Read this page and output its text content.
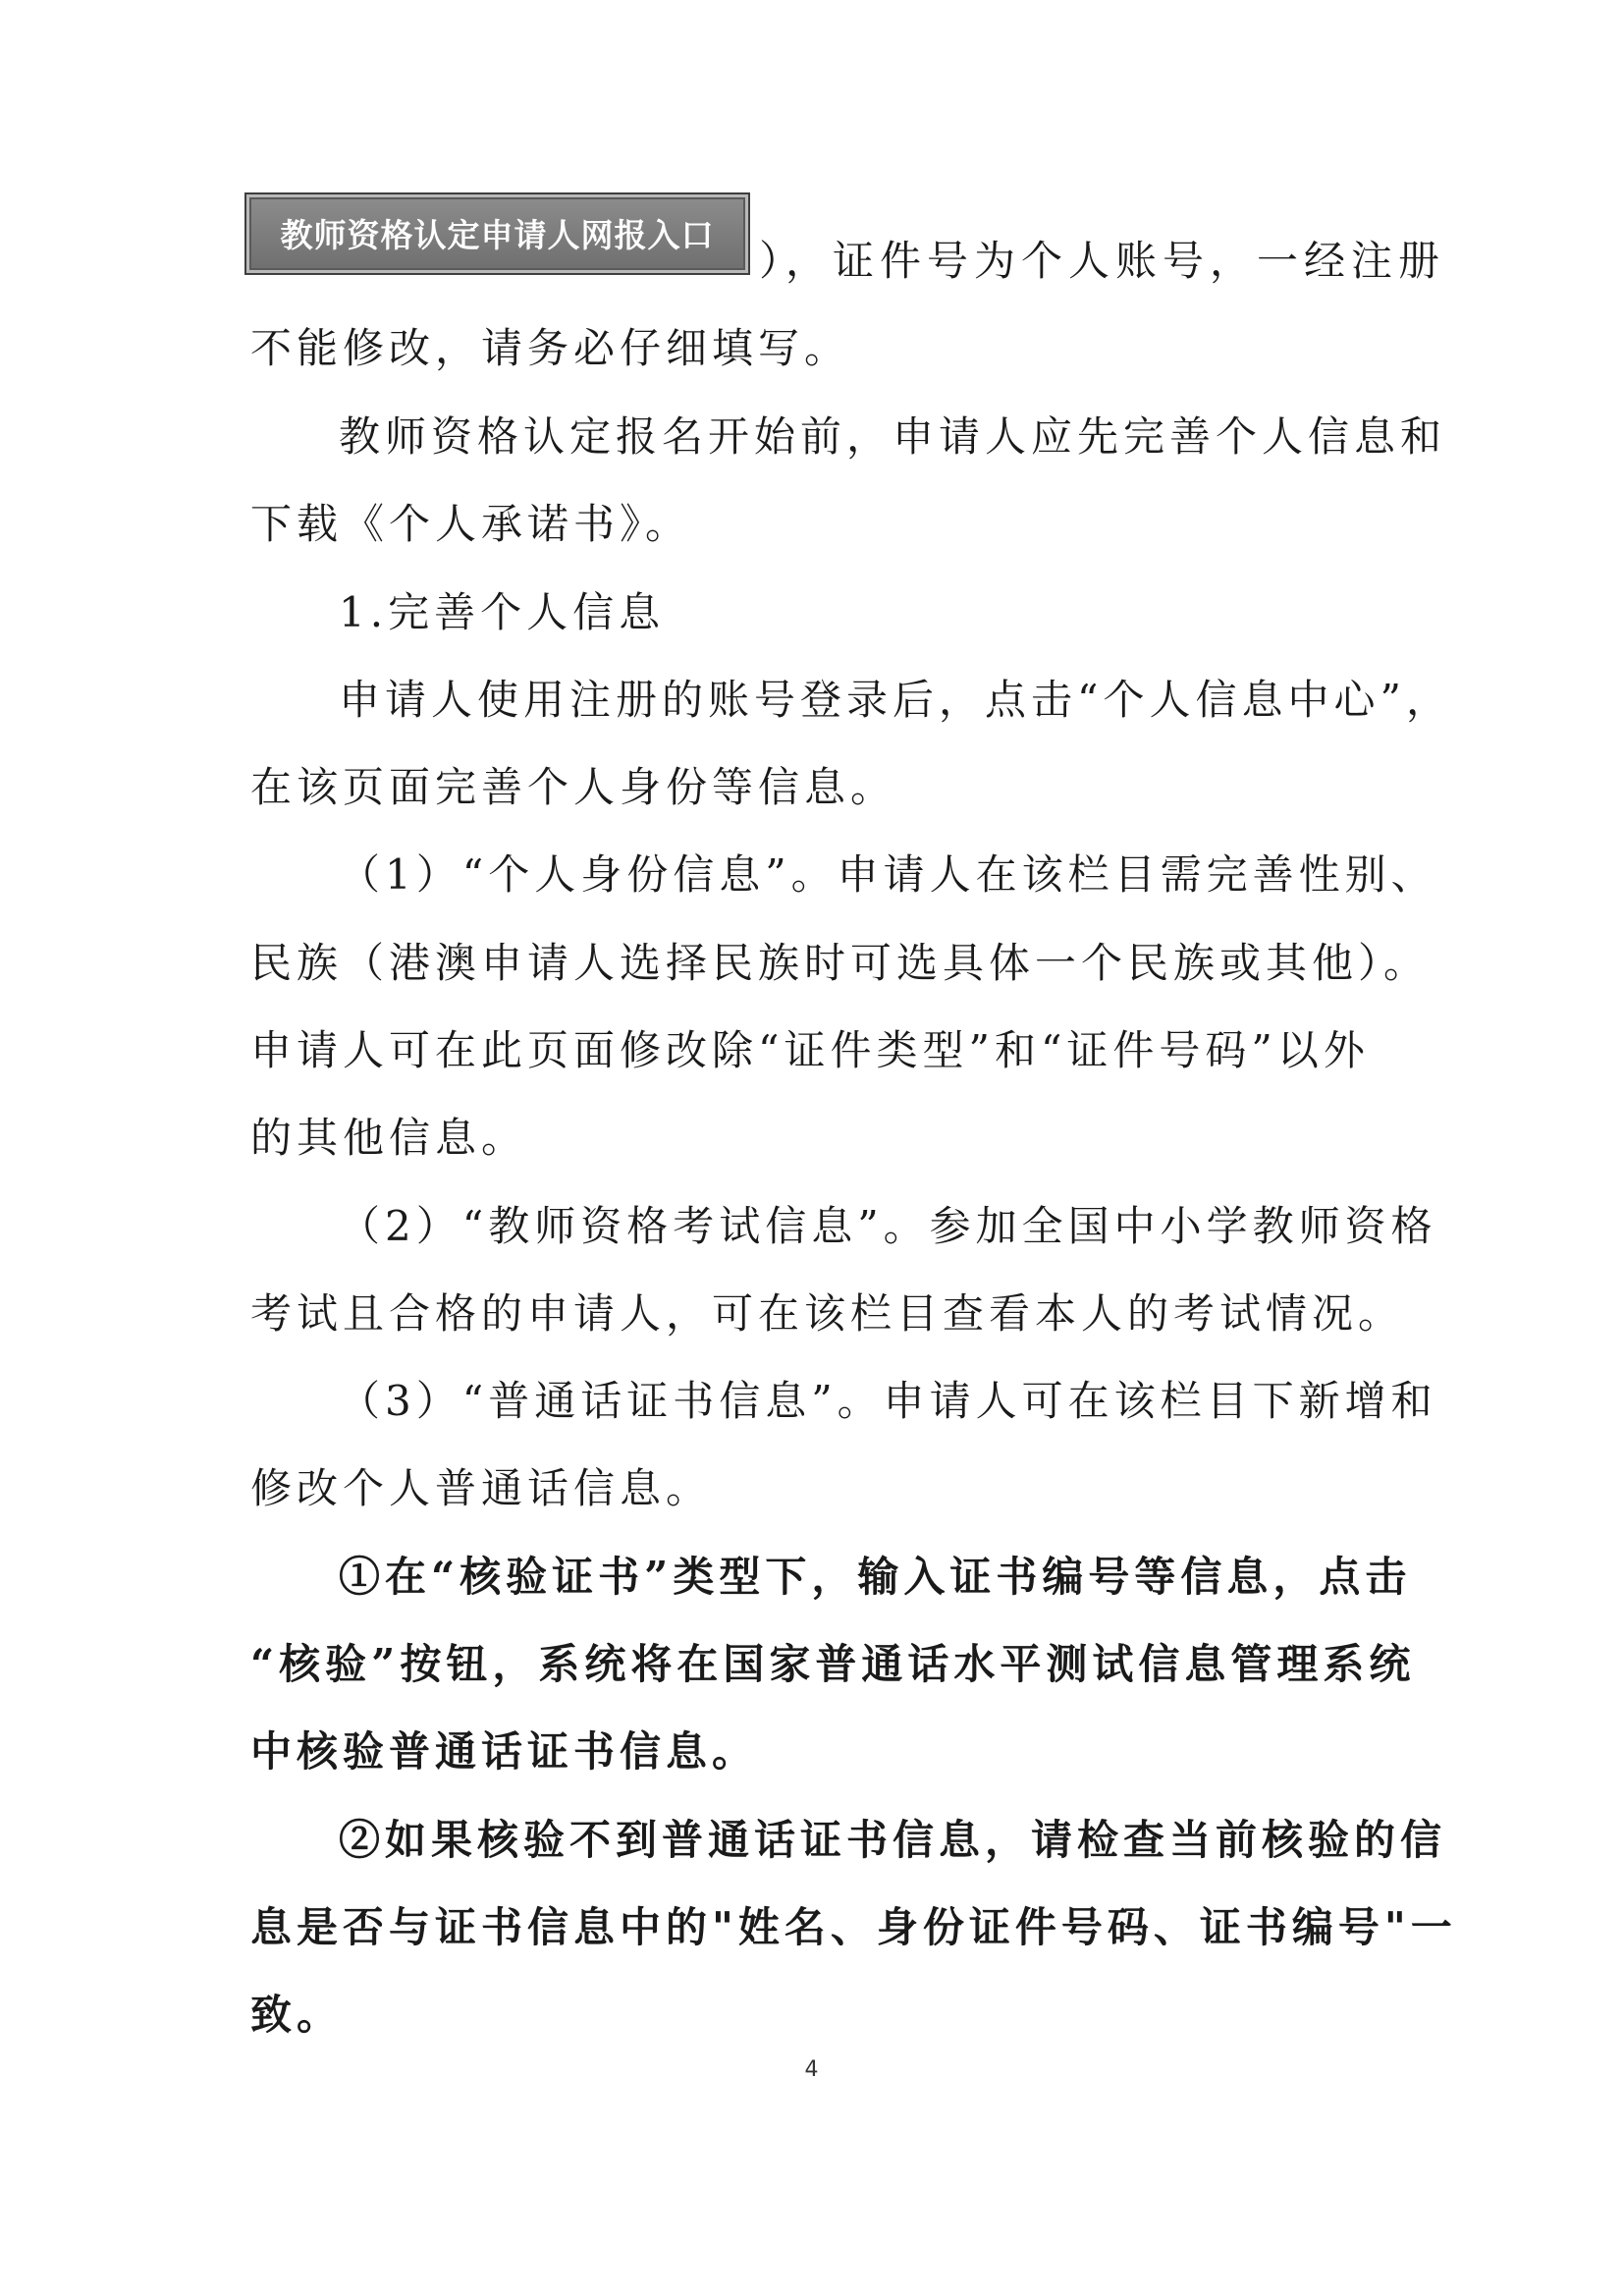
教师资格认定申请人网报入口
），证件号为个人账号，一经注册
不能修改，请务必仔细填写。
教师资格认定报名开始前，申请人应先完善个人信息和
下载《个人承诺书》。
1.完善个人信息
申请人使用注册的账号登录后，点击“个人信息中心”，
在该页面完善个人身份等信息。
（1）“个人身份信息”。申请人在该栏目需完善性别、
民族（港澳申请人选择民族时可选具体一个民族或其他）。
申请人可在此页面修改除“证件类型”和“证件号码”以外
的其他信息。
（2）“教师资格考试信息”。参加全国中小学教师资格
考试且合格的申请人，可在该栏目查看本人的考试情况。
（3）“普通话证书信息”。申请人可在该栏目下新增和
修改个人普通话信息。
①在“核验证书”类型下，输入证书编号等信息，点击
“核验”按钮，系统将在国家普通话水平测试信息管理系统
中核验普通话证书信息。
②如果核验不到普通话证书信息，请检查当前核验的信
息是否与证书信息中的"姓名、身份证件号码、证书编号"一
致。
4
